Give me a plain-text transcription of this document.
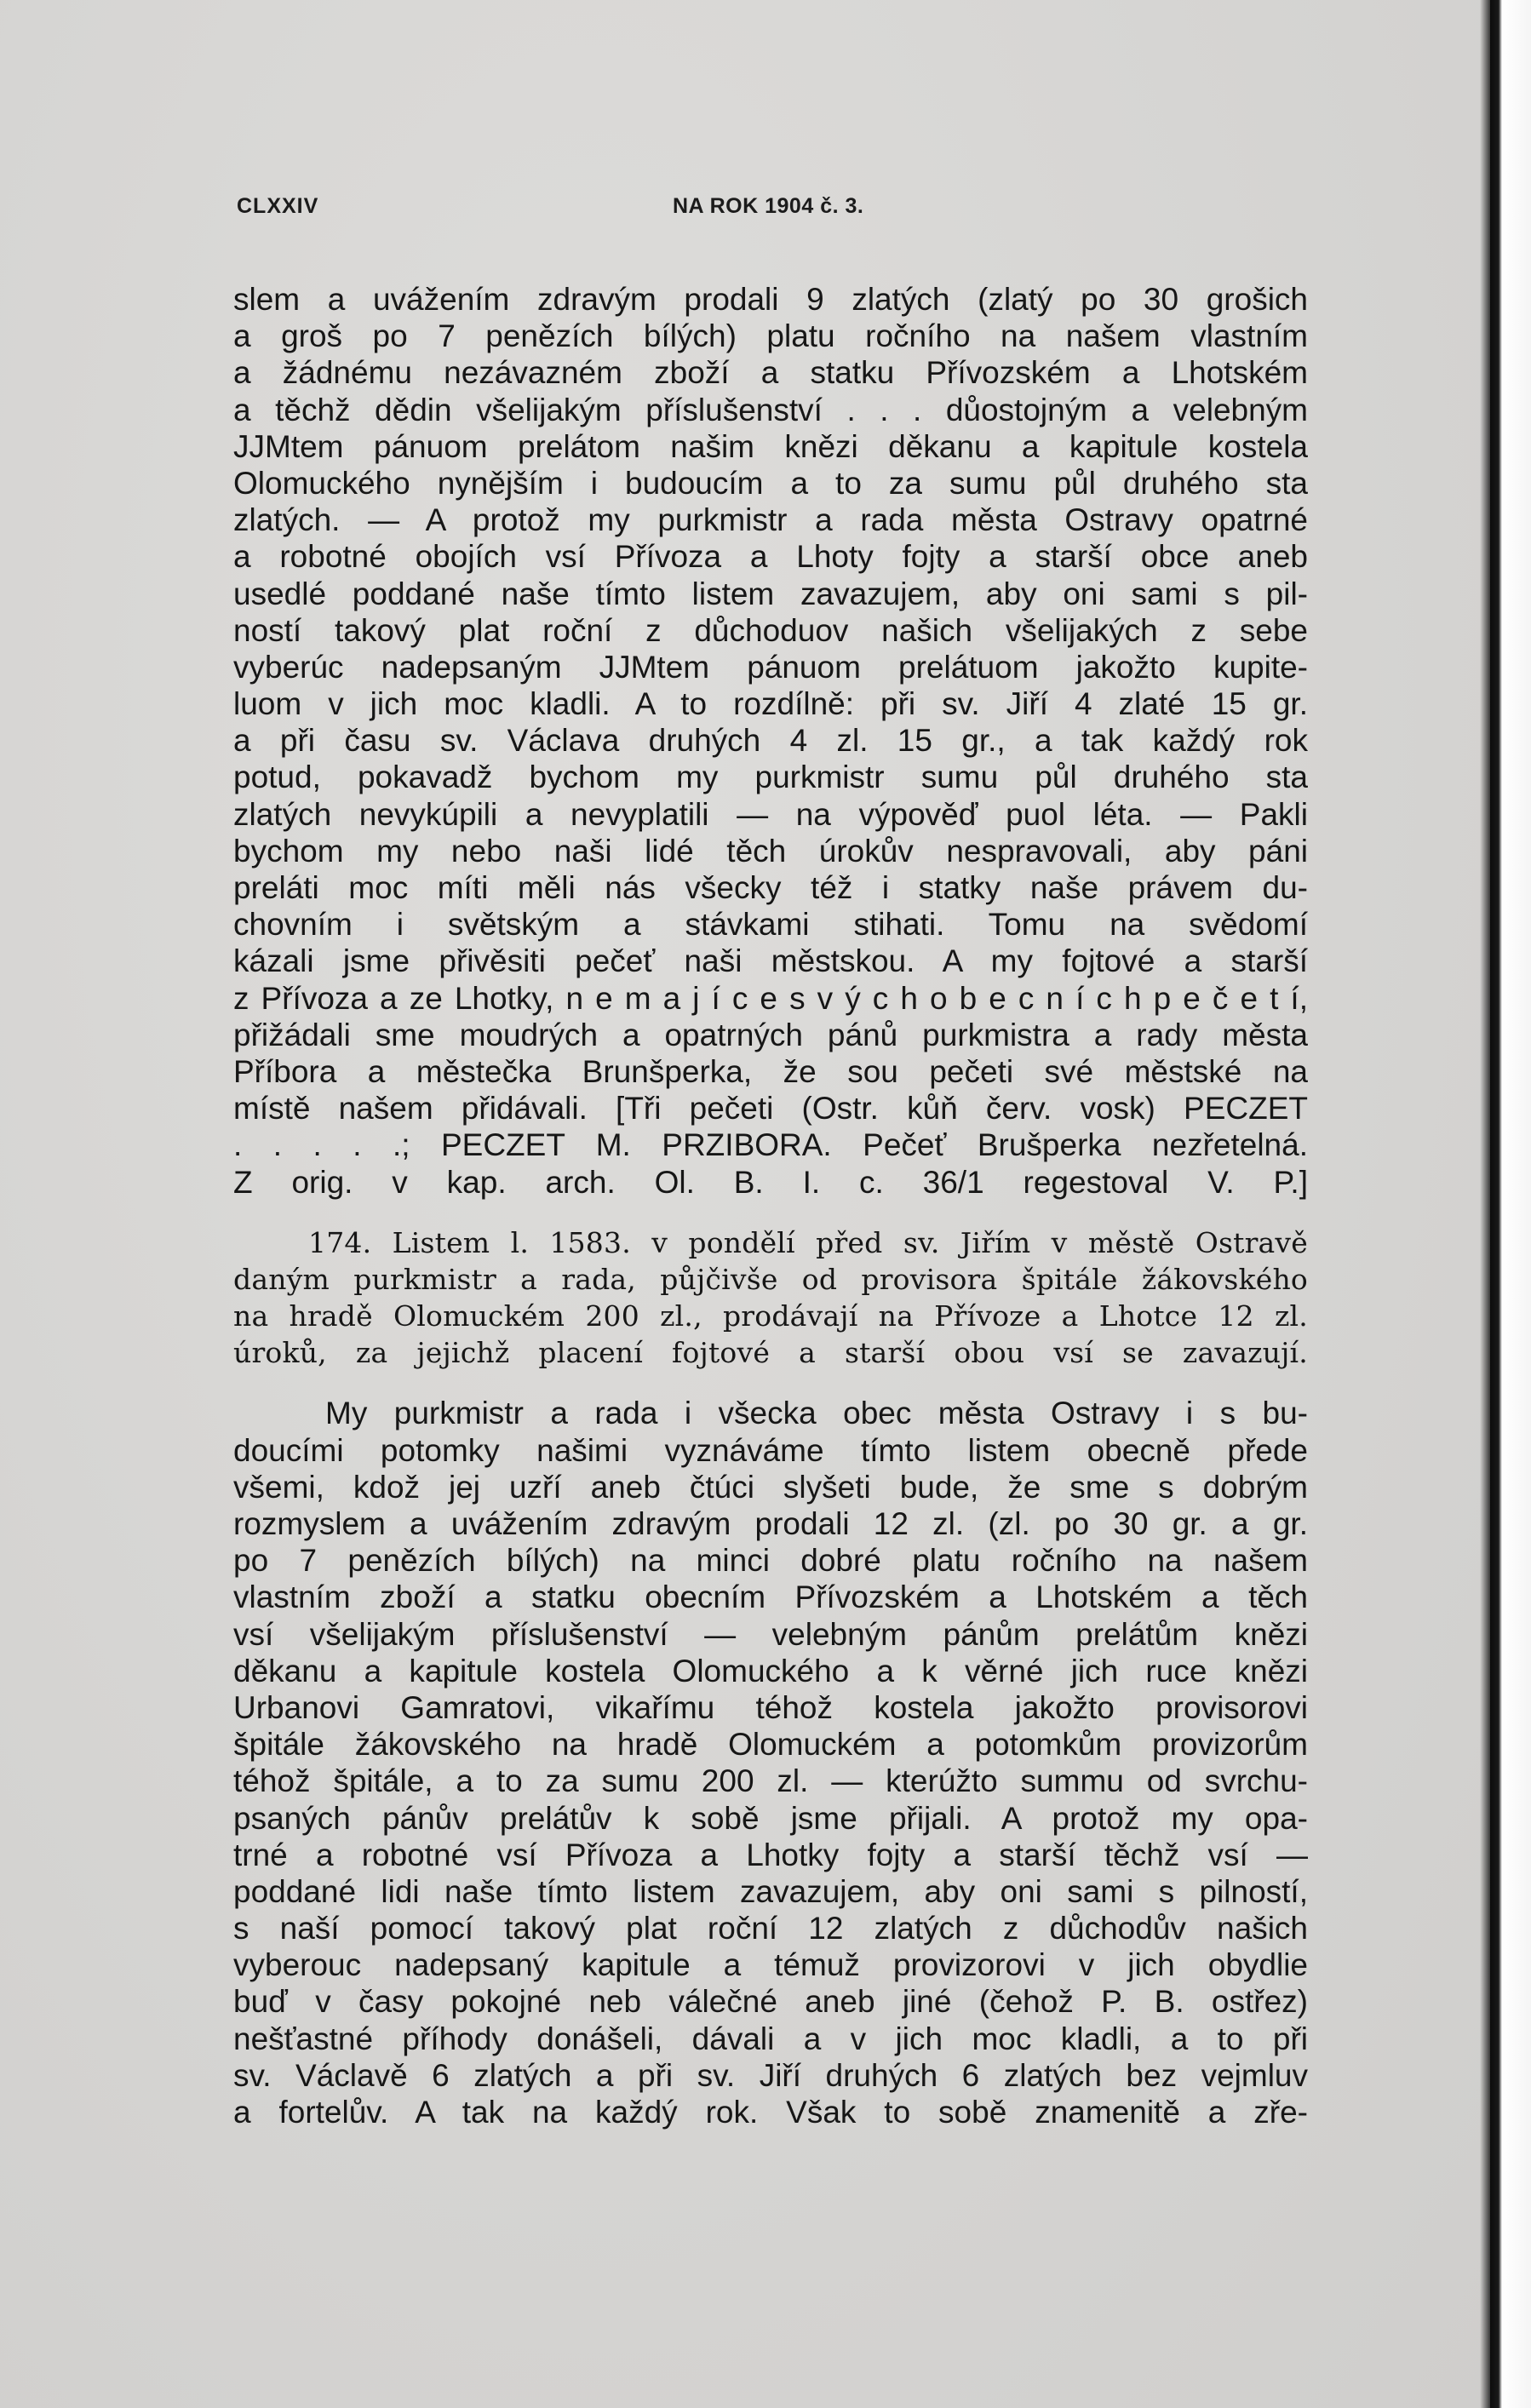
CLXXIV	NA ROK 1904 č. 3.
slem a uvážením zdravým prodali 9 zlatých (zlatý po 30 grošich
a groš po 7 penězích bílých) platu ročního na našem vlastním
a žádnému nezávazném zboží a statku Přívozském a Lhotském
a těchž dědin všelijakým příslušenství . . . důostojným a velebným
JJMtem pánuom prelátom našim knězi děkanu a kapitule kostela
Olomuckého nynějším i budoucím a to za sumu půl druhého sta
zlatých. — A protož my purkmistr a rada města Ostravy opatrné
a robotné obojích vsí Přívoza a Lhoty fojty a starší obce aneb
usedlé poddané naše tímto listem zavazujem, aby oni sami s pil-
ností takový plat roční z důchoduov našich všelijakých z sebe
vyberúc nadepsaným JJMtem pánuom prelátuom jakožto kupite-
luom v jich moc kladli. A to rozdílně: při sv. Jiří 4 zlaté 15 gr.
a při času sv. Václava druhých 4 zl. 15 gr., a tak každý rok
potud, pokavadž bychom my purkmistr sumu půl druhého sta
zlatých nevykúpili a nevyplatili — na výpověď puol léta. — Pakli
bychom my nebo naši lidé těch úrokův nespravovali, aby páni
preláti moc míti měli nás všecky též i statky naše právem du-
chovním i světským a stávkami stihati. Tomu na svědomí
kázali jsme přivěsiti pečeť naši městskou. A my fojtové a starší
z Přívoza a ze Lhotky, n e m a j í c e s v ý c h o b e c n í c h p e č e t í,
přižádali sme moudrých a opatrných pánů purkmistra a rady města
Příbora a městečka Brunšperka, že sou pečeti své městské na
místě našem přidávali. [Tři pečeti (Ostr. kůň červ. vosk) PECZET
. . . . .; PECZET M. PRZIBORA. Pečeť Brušperka nezřetelná.
Z orig. v kap. arch. Ol. B. I. c. 36/1 regestoval V. P.]
174. Listem l. 1583. v pondělí před sv. Jiřím v městě Ostravě
daným purkmistr a rada, půjčivše od provisora špitále žákovského
na hradě Olomuckém 200 zl., prodávají na Přívoze a Lhotce 12 zl.
úroků, za jejichž placení fojtové a starší obou vsí se zavazují.
My purkmistr a rada i všecka obec města Ostravy i s bu-
doucími potomky našimi vyznáváme tímto listem obecně přede
všemi, kdož jej uzří aneb čtúci slyšeti bude, že sme s dobrým
rozmyslem a uvážením zdravým prodali 12 zl. (zl. po 30 gr. a gr.
po 7 penězích bílých) na minci dobré platu ročního na našem
vlastním zboží a statku obecním Přívozském a Lhotském a těch
vsí všelijakým příslušenství — velebným pánům prelátům knězi
děkanu a kapitule kostela Olomuckého a k věrné jich ruce knězi
Urbanovi Gamratovi, vikařímu téhož kostela jakožto provisorovi
špitále žákovského na hradě Olomuckém a potomkům provizorům
téhož špitále, a to za sumu 200 zl. — kterúžto summu od svrchu-
psaných pánův prelátův k sobě jsme přijali. A protož my opa-
trné a robotné vsí Přívoza a Lhotky fojty a starší těchž vsí —
poddané lidi naše tímto listem zavazujem, aby oni sami s pilností,
s naší pomocí takový plat roční 12 zlatých z důchodův našich
vyberouc nadepsaný kapitule a témuž provizorovi v jich obydlie
buď v časy pokojné neb válečné aneb jiné (čehož P. B. ostřez)
nešťastné příhody donášeli, dávali a v jich moc kladli, a to při
sv. Václavě 6 zlatých a při sv. Jiří druhých 6 zlatých bez vejmluv
a fortelův. A tak na každý rok. Však to sobě znamenitě a zře-
